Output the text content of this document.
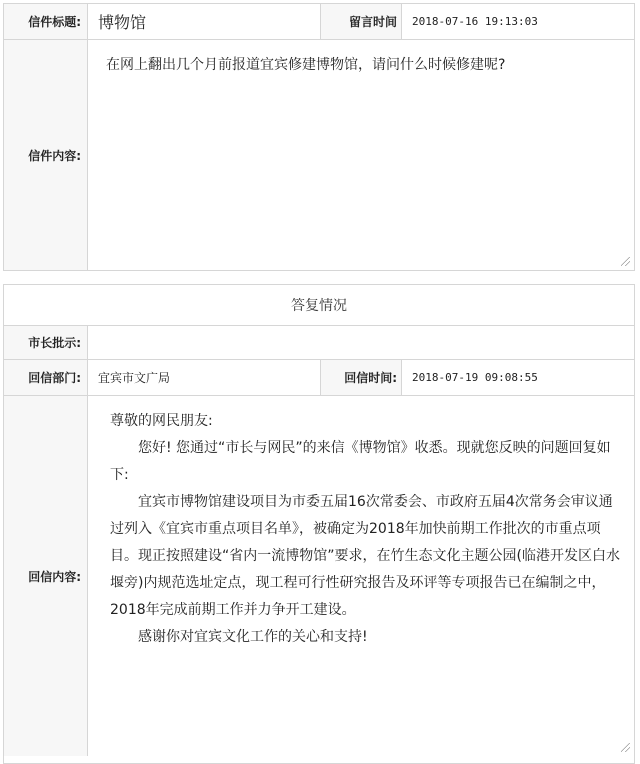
信件标题:	博物馆	留言时间	2018-07-16 19:13:03
信件内容:
在网上翻出几个月前报道宜宾修建博物馆，请问什么时候修建呢?
答复情况
市长批示:
回信部门:	宜宾市文广局	回信时间:	2018-07-19 09:08:55
回信内容:

尊敬的网民朋友:

您好! 您通过“市长与网民”的来信《博物馆》收悉。现就您反映的问题回复如下:

宜宾市博物馆建设项目为市委五届16次常委会、市政府五届4次常务会审议通过列入《宜宾市重点项目名单》，被确定为2018年加快前期工作批次的市重点项目。现正按照建设“省内一流博物馆”要求，在竹生态文化主题公园(临港开发区白水堰旁)内规范选址定点，现工程可行性研究报告及环评等专项报告已在编制之中，2018年完成前期工作并力争开工建设。

感谢你对宜宾文化工作的关心和支持!
